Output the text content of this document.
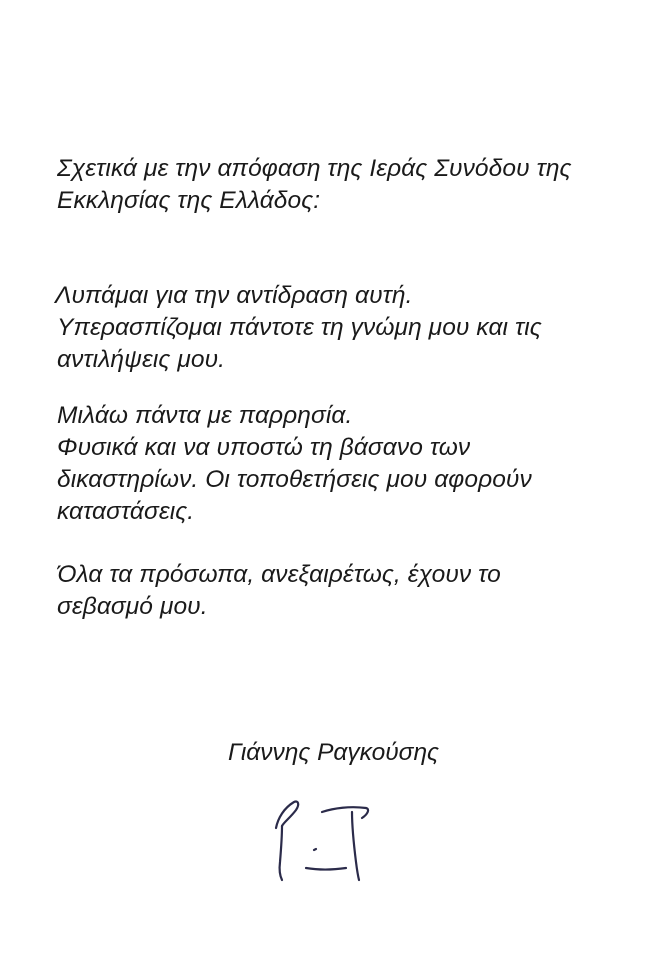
Σχετικά με την απόφαση της Ιεράς Συνόδου της
Εκκλησίας της Ελλάδος:
Λυπάμαι για την αντίδραση αυτή.
Υπερασπίζομαι πάντοτε τη γνώμη μου και τις
αντιλήψεις μου.
Μιλάω πάντα με παρρησία.
Φυσικά και να υποστώ τη βάσανο των
δικαστηρίων. Οι τοποθετήσεις μου αφορούν
καταστάσεις.
Όλα τα πρόσωπα, ανεξαιρέτως, έχουν το
σεβασμό μου.
Γιάννης Ραγκούσης
